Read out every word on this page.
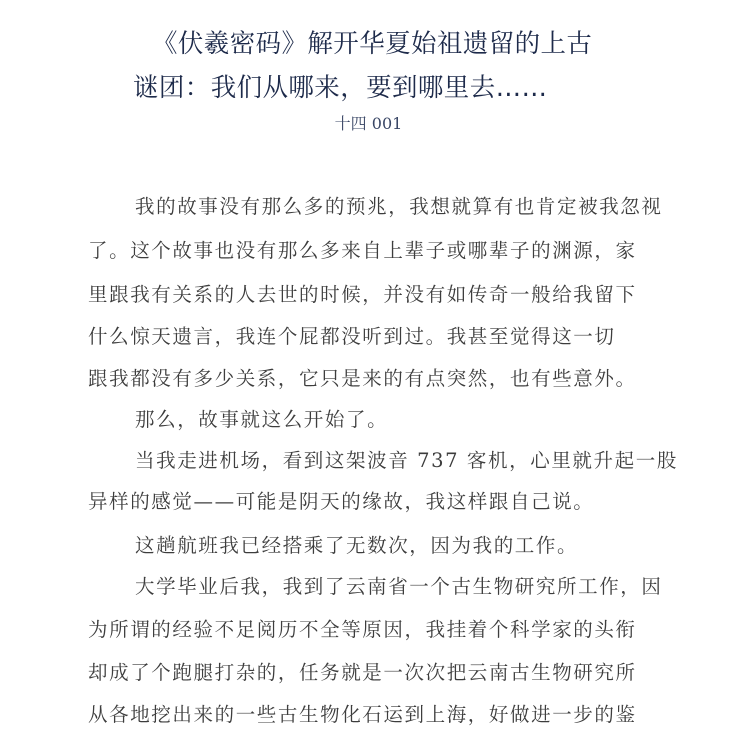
《伏羲密码》解开华夏始祖遗留的上古
谜团：我们从哪来，要到哪里去……
十四 001

我的故事没有那么多的预兆，我想就算有也肯定被我忽视

了。这个故事也没有那么多来自上辈子或哪辈子的渊源，家

里跟我有关系的人去世的时候，并没有如传奇一般给我留下

什么惊天遗言，我连个屁都没听到过。我甚至觉得这一切

跟我都没有多少关系，它只是来的有点突然，也有些意外。

那么，故事就这么开始了。

当我走进机场，看到这架波音 737 客机，心里就升起一股

异样的感觉——可能是阴天的缘故，我这样跟自己说。

这趟航班我已经搭乘了无数次，因为我的工作。

大学毕业后我，我到了云南省一个古生物研究所工作，因

为所谓的经验不足阅历不全等原因，我挂着个科学家的头衔

却成了个跑腿打杂的，任务就是一次次把云南古生物研究所

从各地挖出来的一些古生物化石运到上海，好做进一步的鉴
